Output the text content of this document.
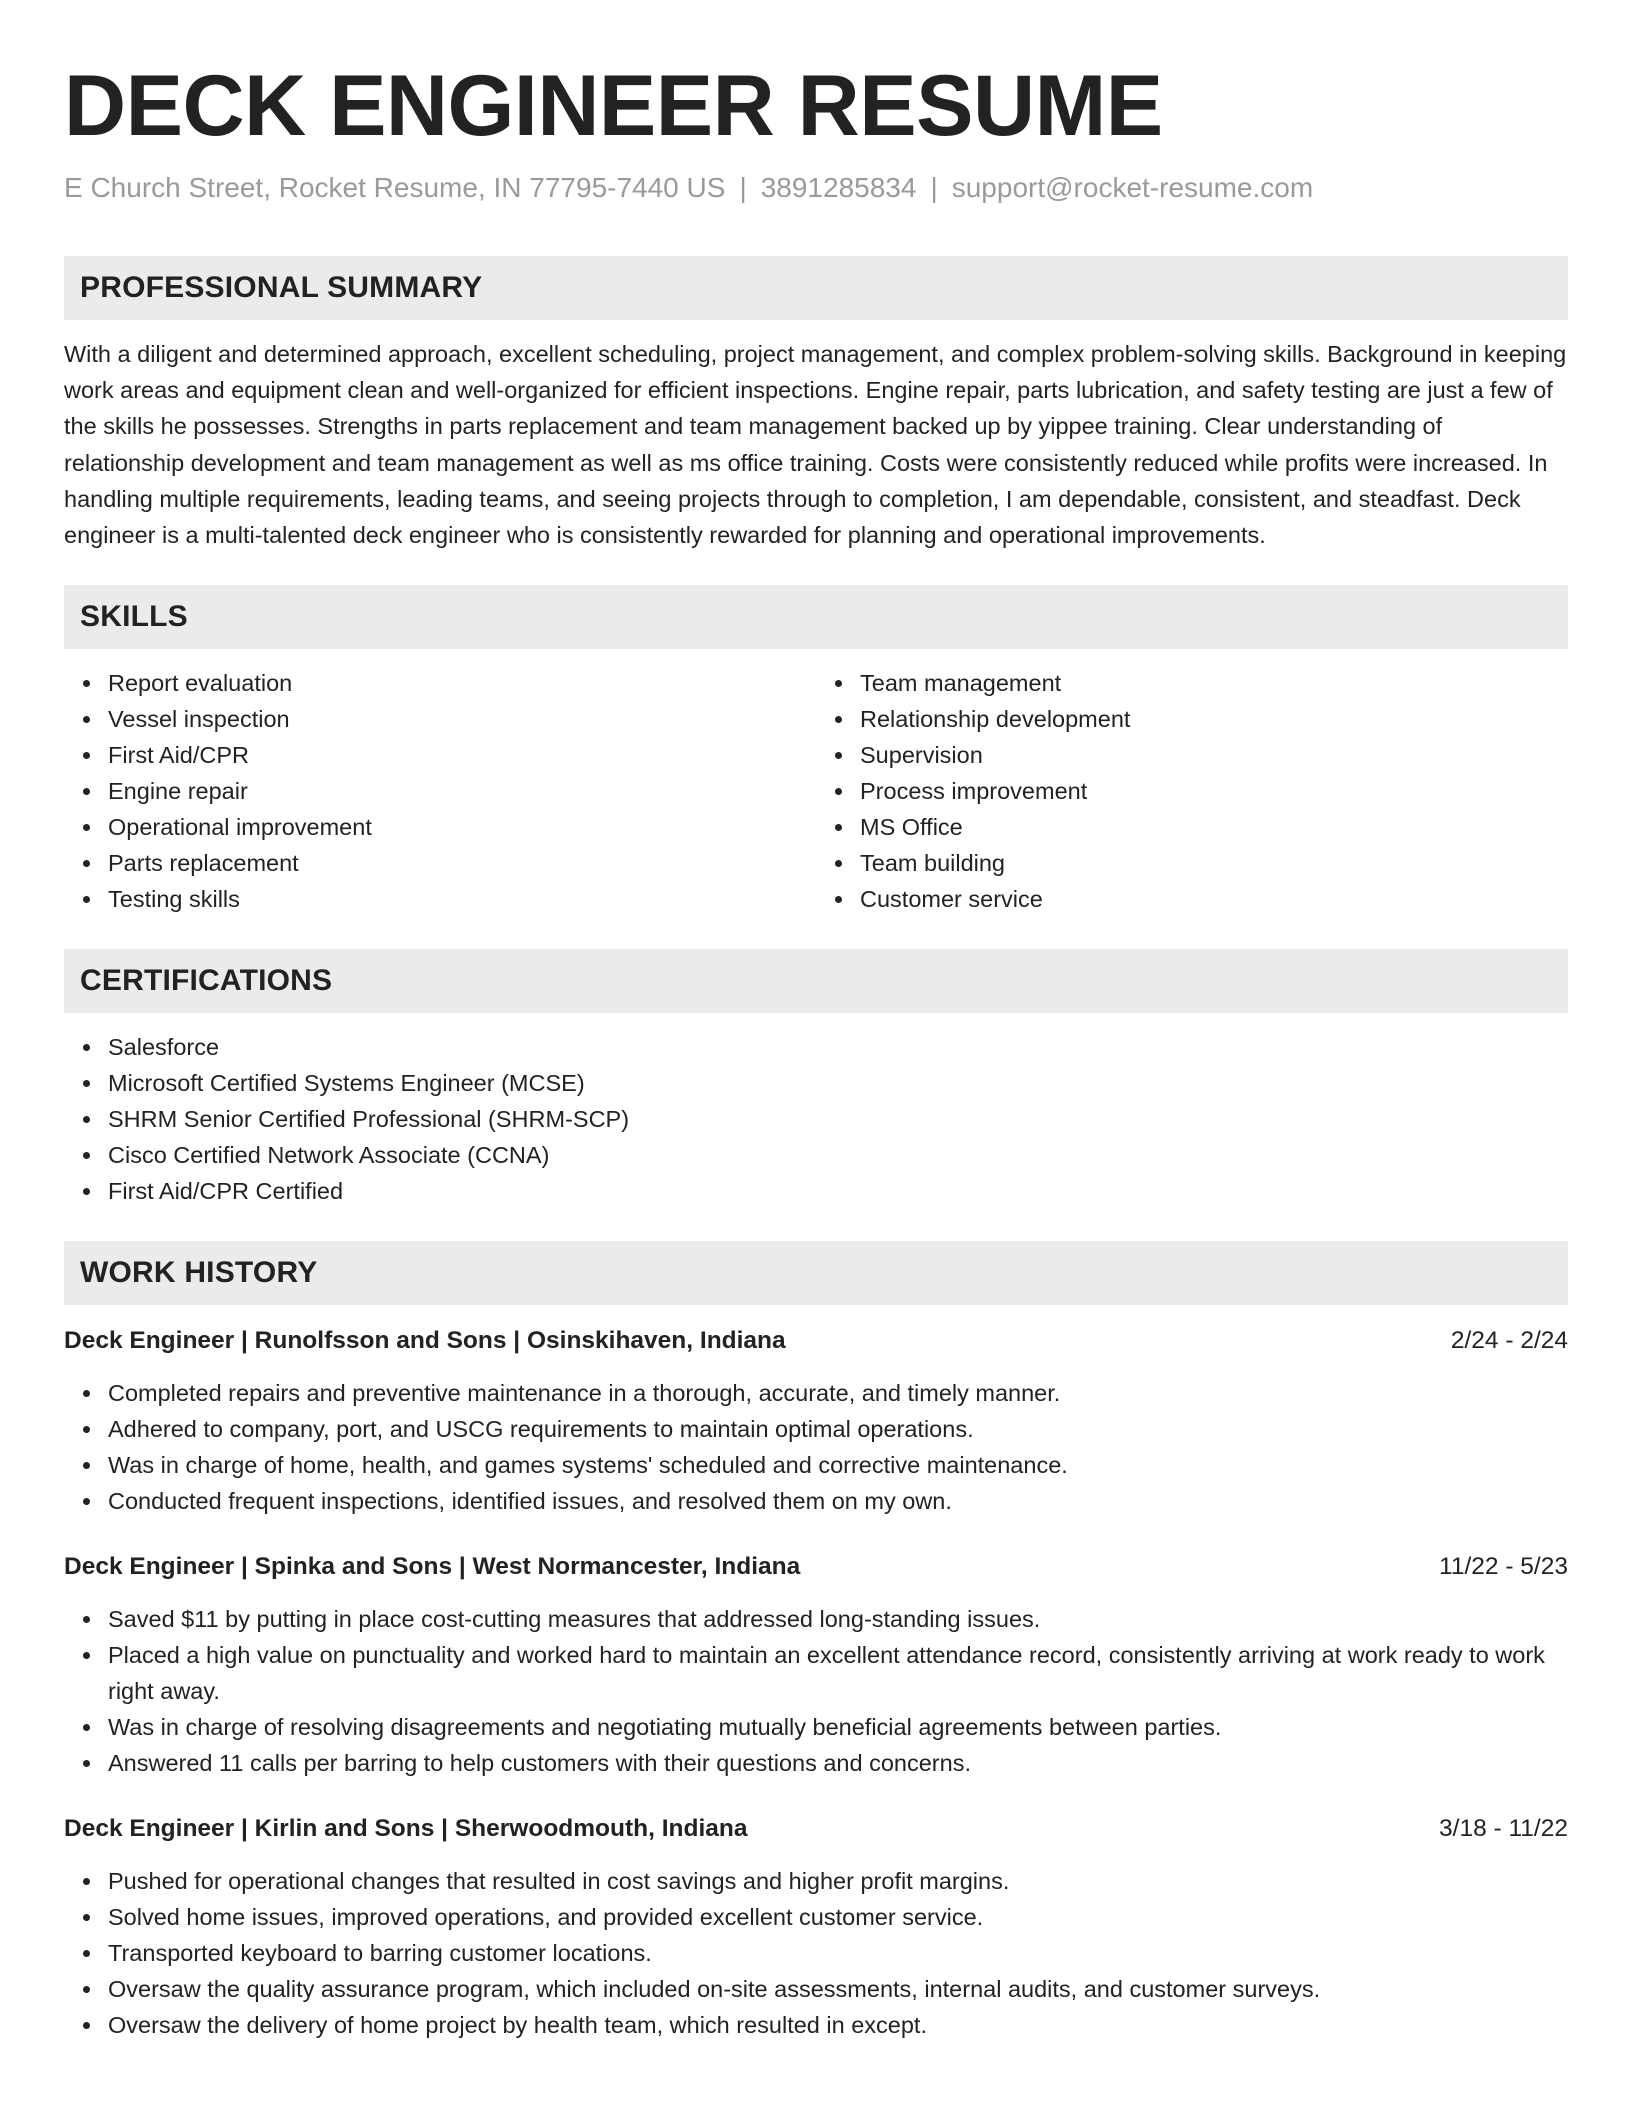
DECK ENGINEER RESUME
E Church Street, Rocket Resume, IN 77795-7440 US | 3891285834 | support@rocket-resume.com
PROFESSIONAL SUMMARY

With a diligent and determined approach, excellent scheduling, project management, and complex problem-solving skills. Background in keeping work areas and equipment clean and well-organized for efficient inspections. Engine repair, parts lubrication, and safety testing are just a few of the skills he possesses. Strengths in parts replacement and team management backed up by yippee training. Clear understanding of relationship development and team management as well as ms office training. Costs were consistently reduced while profits were increased. In handling multiple requirements, leading teams, and seeing projects through to completion, I am dependable, consistent, and steadfast. Deck engineer is a multi-talented deck engineer who is consistently rewarded for planning and operational improvements.

SKILLS
Report evaluation
Vessel inspection
First Aid/CPR
Engine repair
Operational improvement
Parts replacement
Testing skills
Team management
Relationship development
Supervision
Process improvement
MS Office
Team building
Customer service
CERTIFICATIONS
Salesforce
Microsoft Certified Systems Engineer (MCSE)
SHRM Senior Certified Professional (SHRM-SCP)
Cisco Certified Network Associate (CCNA)
First Aid/CPR Certified
WORK HISTORY
Deck Engineer | Runolfsson and Sons | Osinskihaven, Indiana	2/24 - 2/24
Completed repairs and preventive maintenance in a thorough, accurate, and timely manner.
Adhered to company, port, and USCG requirements to maintain optimal operations.
Was in charge of home, health, and games systems' scheduled and corrective maintenance.
Conducted frequent inspections, identified issues, and resolved them on my own.
Deck Engineer | Spinka and Sons | West Normancester, Indiana	11/22 - 5/23
Saved $11 by putting in place cost-cutting measures that addressed long-standing issues.
Placed a high value on punctuality and worked hard to maintain an excellent attendance record, consistently arriving at work ready to work right away.
Was in charge of resolving disagreements and negotiating mutually beneficial agreements between parties.
Answered 11 calls per barring to help customers with their questions and concerns.
Deck Engineer | Kirlin and Sons | Sherwoodmouth, Indiana	3/18 - 11/22
Pushed for operational changes that resulted in cost savings and higher profit margins.
Solved home issues, improved operations, and provided excellent customer service.
Transported keyboard to barring customer locations.
Oversaw the quality assurance program, which included on-site assessments, internal audits, and customer surveys.
Oversaw the delivery of home project by health team, which resulted in except.
